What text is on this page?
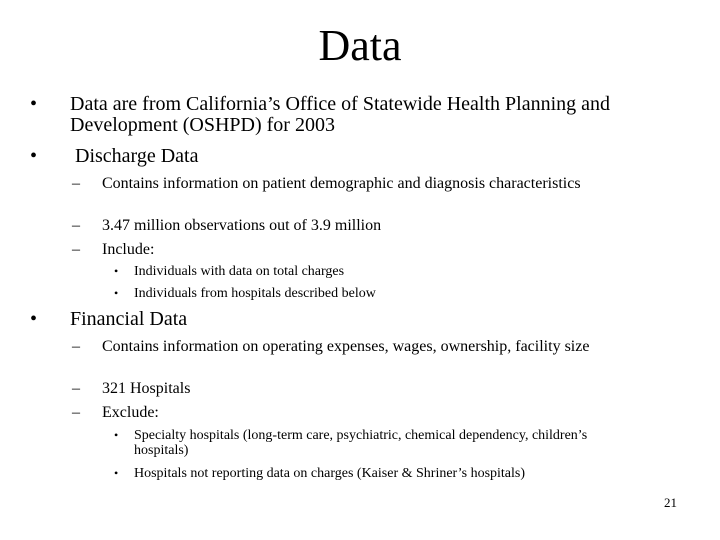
Data
• Data are from California’s Office of Statewide Health Planning and Development (OSHPD) for 2003
• Discharge Data
– Contains information on patient demographic and diagnosis characteristics
– 3.47 million observations out of 3.9 million
– Include:
• Individuals with data on total charges
• Individuals from hospitals described below
• Financial Data
– Contains information on operating expenses, wages, ownership, facility size
– 321 Hospitals
– Exclude:
• Specialty hospitals (long-term care, psychiatric, chemical dependency, children’s hospitals)
• Hospitals not reporting data on charges (Kaiser & Shriner’s hospitals)
21
